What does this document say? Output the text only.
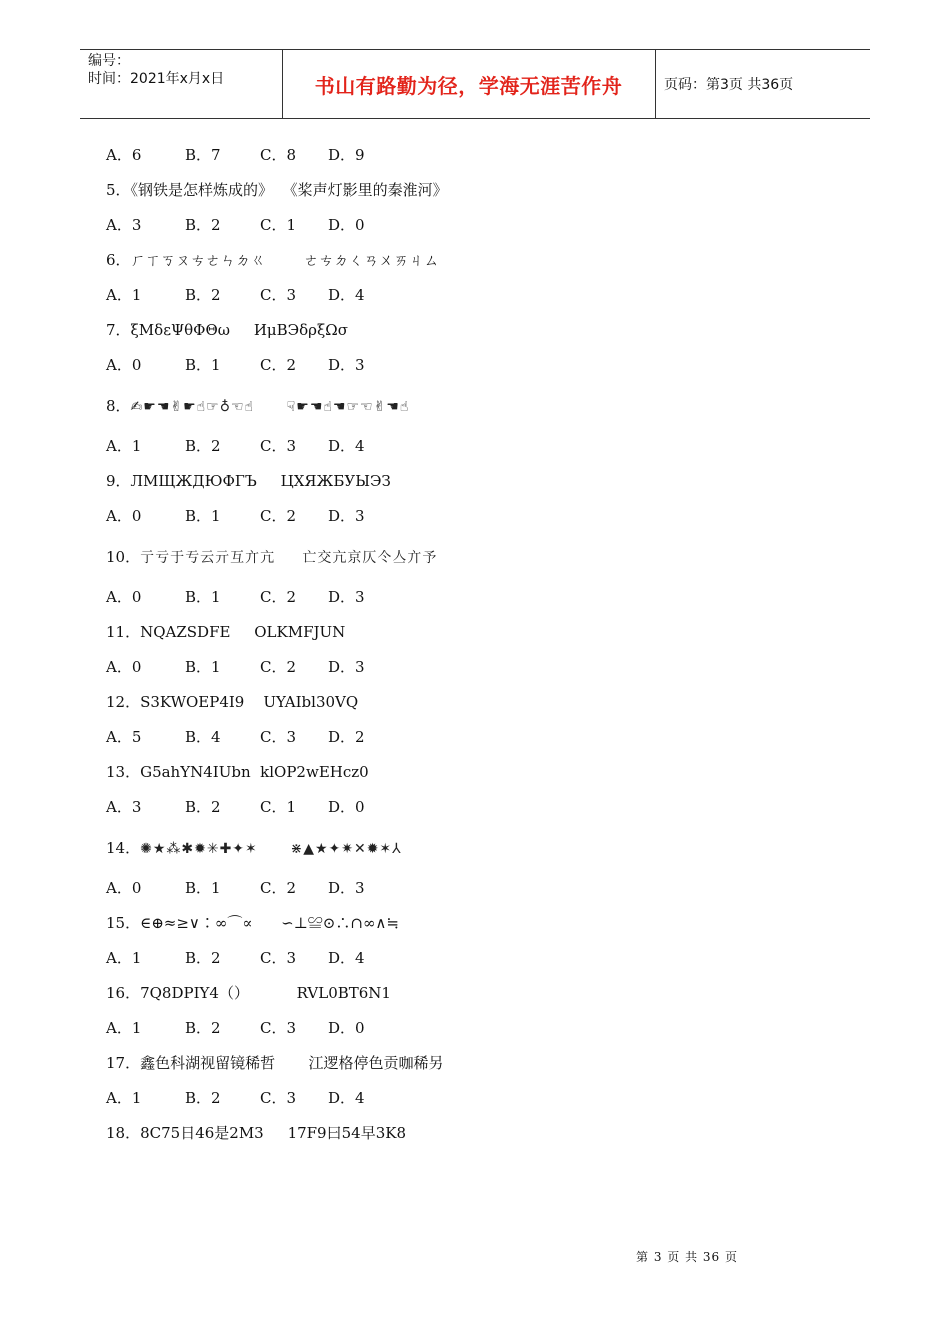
编号：
时间：2021年x月x日	书山有路勤为径，学海无涯苦作舟	页码：第3页 共36页
A．6	B．7	C．8 D．9
5．《钢铁是怎样炼成的》  《桨声灯影里的秦淮河》
A．3	B．2	C．1 D．0
6．ㄏㄒㄎㄡㄘㄜㄣㄉㄍ        ㄜㄘㄉㄑㄢㄨㄞㄐㄙ
A．1	B．2	C．3 D．4
7．ξΜδεΨθΦΘω     ИμВЭδρξΩσ
A．0	B．1	C．2 D．3
8．✍☛☚✌☛☝☞♁☜☝      ☟☛☚☝☚☞☜✌☚☝
A．1	B．2	C．3 D．4
9．ЛМЩЖДЮФГЪ     ЦХЯЖБУЫЭЗ
A．0	B．1	C．2 D．3
10．亍亏于亐云亓互亣亢     亡交亢京仄仒亼亣予
A．0	B．1	C．2 D．3
11．NQAZSDFE     OLKMFJUN
A．0	B．1	C．2 D．3
12．S3KWOEP4I9    UYAIbl30VQ
A．5	B．4	C．3 D．2
13．G5ahYN4IUbn  klOP2wEHcz0
A．3	B．2	C．1 D．0
14．✺★⁂✱✹✳✚✦✶      ⋇▲★✦✷✕✹✶⅄
A．0	B．1	C．2 D．3
15．∈⊕≈≥∨∶∞⌒∝      ∽⊥≌⊙∴∩∞∧≒
A．1	B．2	C．3 D．4
16．7Q8DPIY4（）          RVL0BT6N1
A．1	B．2	C．3 D．0
17．鑫色科湖视留镜稀哲       江逻格停色贡咖稀另
A．1	B．2	C．3 D．4
18．8C75日46是2M3     17F9曰54早3K8
第 3 页 共 36 页
